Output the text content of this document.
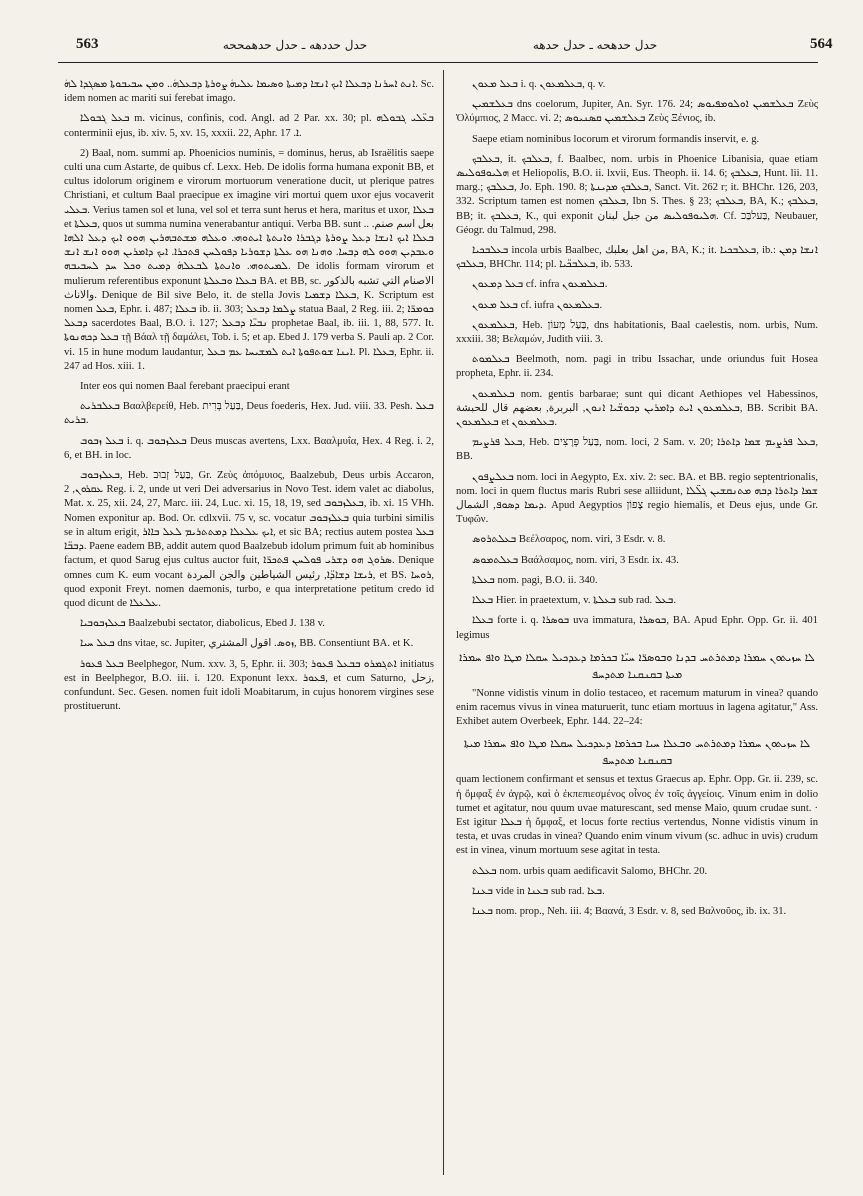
563	حدل حددهه ـ حدل حدهمححه	حدل حدهحه ـ حدل حدهه	564

ܐܢܬ ܐܚܪܢܐ ܕܒܥܠܐ ܐܝܟ ܐܢܫܐ ܕܡܝܬܐ ܘܣܝܡܐ ܥܠܝܗܿ ܨܘܪܬܐ ܕܒܥܠܗܿ.. ܘܡܢ ܚܒܝܒܘܬܐ ܡܣܓܕܐ ܠܗܿ. Sc. idem nomen ac mariti sui ferebat imago.

ܒܥܠ ܓܒܘܠܐ m. vicinus, confinis, cod. Angl. ad 2 Par. xx. 30; pl. ܒܥ̈ܠܝ ܓܒܘܠܗ conterminii ejus, ib. xiv. 5, xv. 15, xxxii. 22, Aphr. ܐ. 17.

2) Baal, nom. summi ap. Phoenicios numinis, = dominus, herus, ab Israëlitis saepe culti una cum Astarte, de quibus cf. Lexx. Heb. De idolis forma humana exponit BB, et cultus idolorum originem e virorum mortuorum veneratione ducit, ut plerique patres Christiani, et cultum Baal praecipue ex imagine viri mortui quem uxor ejus vocaverit ܒܥܠܝ. Verius tamen sol et luna, vel sol et terra sunt herus et hera, maritus et uxor, ܒܥܠܐ et ܒܥܠܬܐ, quos ut summa numina venerabantur antiqui. Verba BB. sunt .. بعل اسم صنم. ܒܥܠܐ ܐܝܟ ܐܢܫܐ ܕܥܠ ܨܘܪܬܐ ܕܓܒܪܐ ܘܐܢܬܬܐ ܐܝܬܘܗܝ. ܘܥܠܗ ܡܫܬܒܗܪܝܢ ܗܘܘ ܐܝܟ ܕܥܠ ܐܠܗܐ ܘܥܒܕܝܢ ܗܘܘ ܠܗ ܕܒܚܐ. ܘܗܢܐ ܗܘ ܥܠܬܐ ܕܫܘܪܝܐ ܕܦܘܠܚܢ ܦܬܟܪܐ. ܐܝܟ ܕܐܡܪܝܢ ܗܘܘ ܐܢܫ ܐܢܫ ܠܡܝܬܘܗܝ. ܘܐܢܬܬܐ ܠܒܥܠܗܿ ܕܡܝܬ ܘܟܠ ܚܕ ܠܚܒܝܒܗ. De idolis formam virorum et mulierum referentibus exponunt ܒܥܠܐ ܘܒܥܠܬܐ BA. et BB, sc. الاصنام التي تشبه بالذكور والاناث. Denique de Bil sive Belo, it. de stella Jovis ܒܥܠܐ ܕܫܡܝܐ, K. Scriptum est nomen ܒܥܠ, Ephr. i. 487; ܒܥܠܐ ib. ii. 303; ܨܠܡܐ ܕܒܥܠ statua Baal, 2 Reg. iii. 2; ܟܘܡܪ̈ܐ ܕܒܥܠ sacerdotes Baal, B.O. i. 127; ܢܒܝ̈ܐ ܕܒܥܠ prophetae Baal, ib. iii. 1, 88, 577. It. ܒܥܠ ܕܟܗܢܘܬܐ τῇ Βάαλ τῇ δαμάλει, Tob. i. 5; et ap. Ebed J. 179 verba S. Pauli ap. 2 Cor. vi. 15 in hune modum laudantur, ܐܝܢܐ ܫܘܬܦܘܬܐ ܐܝܬ ܠܡܫܝܚܐ ܥܡ ܒܥܠ. Pl. ܒܥܠܐ, Ephr. ii. 247 ad Hos. xiii. 1.

Inter eos qui nomen Baal ferebant praecipui erant

ܒܥܠܒܪܝܬ Βααλβερείθ, Heb. בַּעַל בְּרִית, Deus foederis, Hex. Jud. viii. 33. Pesh. ܒܥܠ ܒܪܝܬ.

ܒܥܠ ܙܒܘܒ i. q. ܒܥܠܙܒܘܒ Deus muscas avertens, Lxx. Βααλμυΐα, Hex. 4 Reg. i. 2, 6, et BH. in loc.

ܒܥܠܙܒܘܒ, Heb. בַּעַל זְבוּב, Gr. Ζεὺς ἀπόμυιος, Baalzebub, Deus urbis Accaron, ܥܩܪܘܢ, 2 Reg. i. 2, unde ut veri Dei adversarius in Novo Test. idem valet ac diabolus, Mat. x. 25, xii. 24, 27, Marc. iii. 24, Luc. xi. 15, 18, 19, sed ܒܥܠܙܒܘܒ, ib. xi. 15 VHh. Nomen exponitur ap. Bod. Or. cdlxvii. 75 v, sc. vocatur ܒܥܠܙܒܘܒ quia turbini similis se in altum erigit, ܐܝܟ ܥܠܥܠܐ ܕܡܬܬܪܝܡ ܠܥܠ ܒܐܐܪ, et sic BA; rectius autem postea ܒܥܠ ܕܒܒ̈ܐ. Paene eadem BB, addit autem quod Baalzebub idolum primum fuit ab hominibus factum, et quod Sarug ejus cultus auctor fuit, ܣܪܘܓ ܗܘ ܕܫܪܝ ܦܘܠܚܢ ܦܬܟܪ̈ܐ. Denique omnes cum K. eum vocant ܪܝܫܐ ܕܫܐܕ̈ܐ, رئيس الشياطين والجن المردة, et BS. ܪܘܚܐ, quod exponit Freyt. nomen daemonis, turbo, e qua interpretatione petitum credo id quod dicunt de ܥܠܥܠܐ.

ܒܥܠܙܒܘܒܝܐ Baalzebubi sectator, diabolicus, Ebed J. 138 v.

ܒܥܠ ܚܝܐ dns vitae, sc. Jupiter, ܙܘܣ. اقول المشتري, BB. Consentiunt BA. et K.

ܒܥܠ ܦܥܘܪ Beelphegor, Num. xxv. 3, 5, Ephr. ii. 303; ܐܬܓܡܪܘ ܒܒܥܠ ܦܥܘܪ initiatus est in Beelphegor, B.O. iii. i. 120. Exponunt lexx. ܦܥܘܪ, et cum Saturno, زحل, confundunt. Sec. Gesen. nomen fuit idoli Moabitarum, in cujus honorem virgines sese prostituerunt.

ܒܥܠ ܡܥܘܢ i. q. ܒܥܠܡܥܘܢ, q. v.

ܒܥܠܫܡܝܢ dns coelorum, Jupiter, An. Syr. 176. 24; ܒܥܠܫܡܝܢ ܐܘܠܘܡܦܝܘܣ Ζεὺς Ὀλύμπιος, 2 Macc. vi. 2; ܒܥܠܫܡܝܢ ܩܣܢܝܘܣ Ζεὺς Ξένιος, ib.

Saepe etiam nominibus locorum et virorum formandis inservit, e. g.

ܒܥܠܒܟ, it. ܒܥܠܒܟ, f. Baalbec, nom. urbis in Phoenice Libanisia, quae etiam ܗܠܝܘܦܘܠܝܣ et Heliopolis, B.O. ii. lxvii, Eus. Theoph. ii. 14. 6; ܒܥܠܒܟ, Hunt. lii. 11. marg.; ܒܥܠܒܟ, Jo. Eph. 190. 8; ܒܥܠܒܟ ܡܕܝܢܬܐ, Sanct. Vit. 262 r; it. BHChr. 126, 203, 332. Scriptum tamen est nomen ܒܥܠܒܟ, Ibn S. Thes. § 23; ܒܥܠܒܟ, BA, K.; ܒܥܠܒܟ, BB; it. ܒܥܠܒܟ, K., qui exponit ܗܠܝܘܦܘܠܝܣ من جبل لبنان. Cf. בַּעלבַּכ, Neubauer, Géogr. du Talmud, 298.

ܒܥܠܒܟܝܐ incola urbis Baalbec, من اهل بعلبك, BA, K.; it. ܒܥܠܒܟܝܐ, ib.: ܐܢܫܐ ܕܡܢ ܒܥܠܒܟ, BHChr. 114; pl. ܒܥܠܒܟ̈ܝܐ, ib. 533.

ܒܥܠ ܕܡܥܘܢ cf. infra ܒܥܠܡܥܘܢ.

ܒܥܠ ܡܥܘܢ cf. iufra ܒܥܠܡܥܘܢ.

ܒܥܠܡܥܘܢ, Heb. בַּעַל מְעוֹן, dns habitationis, Baal caelestis, nom. urbis, Num. xxxiii. 38; Βελαμών, Judith viii. 3.

ܒܥܠܡܘܬ Beelmoth, nom. pagi in tribu Issachar, unde oriundus fuit Hosea propheta, Ephr. ii. 234.

ܒܥܠܡܥܘܢ nom. gentis barbarae; sunt qui dicant Aethiopes vel Habessinos, ܒܥܠܡܥܘܢ ܐܝܬ ܕܐܡܪܝܢ ܕܟܘܫ̈ܝܐ ܐܢܘܢ, البربرة, بعضهم قال للحبشة, BB. Scribit BA. ܒܥܠܡܥܘܢ et ܒܥܠܡܥܘܢ.

ܒܥܠ ܦܪܨܝܡ, Heb. בַּעַל פְּרָצִים, nom. loci, 2 Sam. v. 20; ܒܥܠ ܦܪܨܝܡ ܫܡܐ ܕܐܬܪܐ, BB.

ܒܥܠܨܦܘܢ nom. loci in Aegypto, Ex. xiv. 2: sec. BA. et BB. regio septentrionalis, nom. loci in quem fluctus maris Rubri sese alliidunt, ܫܡܐ ܕܐܬܪܐ ܕܒܗ ܡܬܢܩܫܝܢ ܓܠ̈ܠܐ ܕܝܡܐ ܕܣܘܦ, الشمال. Apud Aegyptios צָפוֹן regio hiemalis, et Deus ejus, unde Gr. Τυφῶν.

ܒܥܠܬܪܘܣ Βεέλσαρος, nom. viri, 3 Esdr. v. 8.

ܒܥܠܬܡܘܣ Βαάλσαμος, nom. viri, 3 Esdr. ix. 43.

ܒܥܠܬܐ nom. pagi, B.O. ii. 340.

ܒܥܠܐ Hier. in praetextum, v. ܒܥܠܬܐ sub rad. ܒܥܠ.

ܒܥܠܐ forte i. q. ܒܘܣܪܐ uva immatura, ܒܘܣܪܐ, BA. Apud Ephr. Opp. Gr. ii. 401 legimus

ܠܐ ܚܙܝܬܘܢ ܚܡܪܐ ܕܡܬܪܬܚ ܒܕܢܐ ܘܒܘܣܪ̈ܐ ܚܝ̈ܐ ܒܟܪܡܐ ܕܥܕܟܝܠ ܚܩܠܐ ܡܛܐ ܘܐܦ ܚܡܪܐ ܡܝܬܐ ܒܩܢܩܢܐ ܡܬܕܚܦ

"Nonne vidistis vinum in dolio testaceo, et racemum maturum in vinea? quando enim racemus vivus in vinea maturuerit, tunc etiam mortuus in lagena agitatur," Ass. Exhibet autem Overbeek, Ephr. 144. 22–24:

ܠܐ ܚܙܝܬܘܢ ܚܡܪܐ ܕܡܬܪܬܚ ܘܒܥܠܐ ܚܝܐ ܒܟܪܡܐ ܕܥܕܟܝܠ ܚܩܠܐ ܡܛܐ ܘܐܦ ܚܡܪܐ ܡܝܬܐ ܒܩܢܩܢܐ ܡܬܕܚܦ

quam lectionem confirmant et sensus et textus Graecus ap. Ephr. Opp. Gr. ii. 239, sc. ἡ ὄμφαξ ἐν ἀγρῷ, καὶ ὁ ἐκπεπιεσμένος οἶνος ἐν τοῖς ἀγγείοις. Vinum enim in dolio tumet et agitatur, nou quum uvae maturescant, sed mense Maio, quum crudae sunt. · Est igitur ܒܥܠܐ ἡ ὄμφαξ, et locus forte rectius vertendus, Nonne vidistis vinum in testa, et uvas crudas in vinea? Quando enim vinum vivum (sc. adhuc in uvis) crudum est in vinea, vinum mortuum sese agitat in testa.

ܒܥܠܬ nom. urbis quam aedificavit Salomo, BHChr. 20.

ܒܥܢܐ vide in ܒܥܢܐ sub rad. ܒܥܐ.

ܒܥܢܐ nom. prop., Neh. iii. 4; Βαανά, 3 Esdr. v. 8, sed Βαλνοῦος, ib. ix. 31.
